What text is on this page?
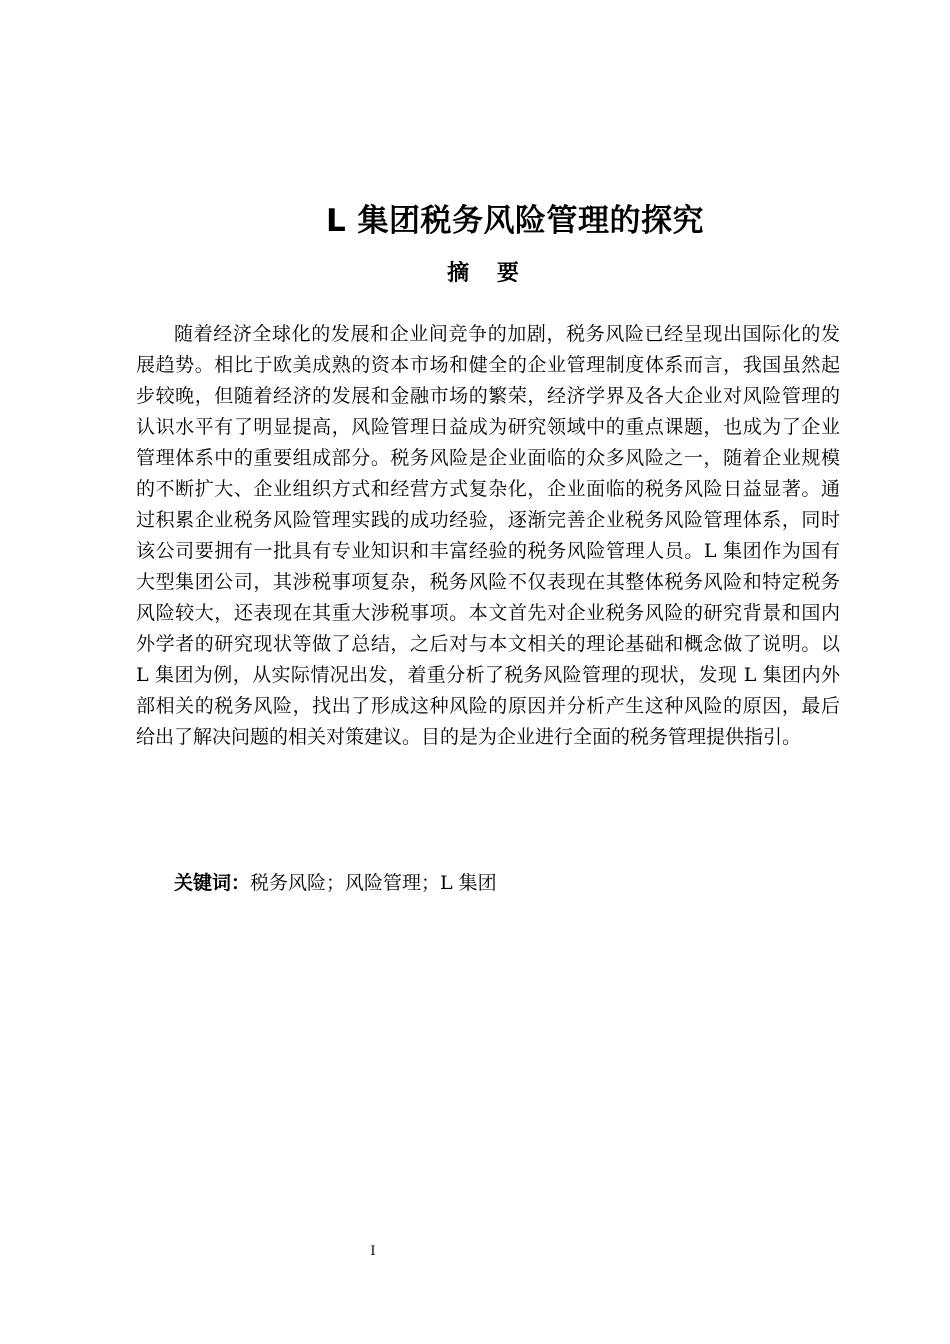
L 集团税务风险管理的探究
摘 要
随着经济全球化的发展和企业间竞争的加剧，税务风险已经呈现出国际化的发
展趋势。相比于欧美成熟的资本市场和健全的企业管理制度体系而言，我国虽然起
步较晚，但随着经济的发展和金融市场的繁荣，经济学界及各大企业对风险管理的
认识水平有了明显提高，风险管理日益成为研究领域中的重点课题，也成为了企业
管理体系中的重要组成部分。税务风险是企业面临的众多风险之一，随着企业规模
的不断扩大、企业组织方式和经营方式复杂化，企业面临的税务风险日益显著。通
过积累企业税务风险管理实践的成功经验，逐渐完善企业税务风险管理体系，同时
该公司要拥有一批具有专业知识和丰富经验的税务风险管理人员。L 集团作为国有
大型集团公司，其涉税事项复杂，税务风险不仅表现在其整体税务风险和特定税务
风险较大，还表现在其重大涉税事项。本文首先对企业税务风险的研究背景和国内
外学者的研究现状等做了总结，之后对与本文相关的理论基础和概念做了说明。以
L 集团为例，从实际情况出发，着重分析了税务风险管理的现状，发现 L 集团内外
部相关的税务风险，找出了形成这种风险的原因并分析产生这种风险的原因，最后
给出了解决问题的相关对策建议。目的是为企业进行全面的税务管理提供指引。
关键词：税务风险；风险管理；L 集团
I
